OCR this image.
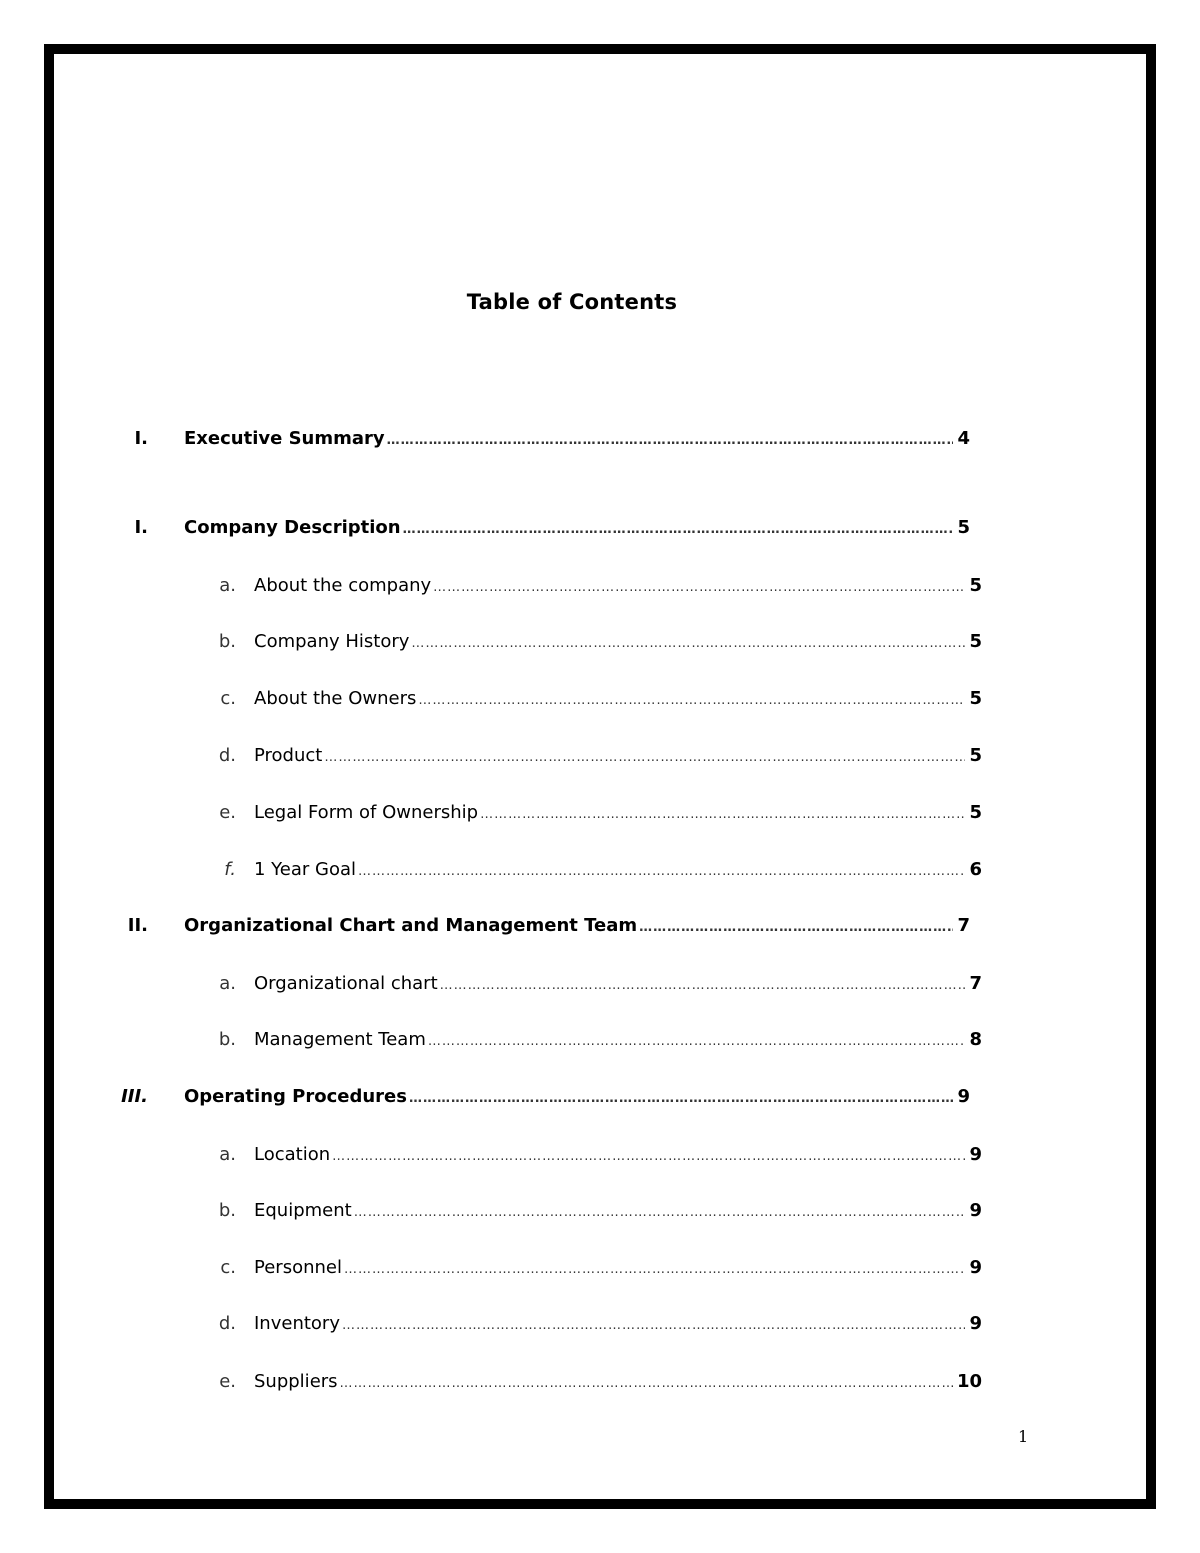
Table of Contents
I. Executive Summary ……………………………………………………………………………………………………………………………………………………………………………………………………………………………………	4
I. Company Description ……………………………………………………………………………………………………………………………………………………………………………………………………………………………………	5
a. About the company ……………………………………………………………………………………………………………………………………………………………………………………………………………………………………	5
b. Company History ……………………………………………………………………………………………………………………………………………………………………………………………………………………………………	5
c. About the Owners ……………………………………………………………………………………………………………………………………………………………………………………………………………………………………	5
d. Product ……………………………………………………………………………………………………………………………………………………………………………………………………………………………………	5
e. Legal Form of Ownership ……………………………………………………………………………………………………………………………………………………………………………………………………………………………………	5
f. 1 Year Goal ……………………………………………………………………………………………………………………………………………………………………………………………………………………………………	6
II. Organizational Chart and Management Team ……………………………………………………………………………………………………………………………………………………………………………………………………………………………………	7
a. Organizational chart ……………………………………………………………………………………………………………………………………………………………………………………………………………………………………	7
b. Management Team ……………………………………………………………………………………………………………………………………………………………………………………………………………………………………	8
III. Operating Procedures ……………………………………………………………………………………………………………………………………………………………………………………………………………………………………	9
a. Location ……………………………………………………………………………………………………………………………………………………………………………………………………………………………………	9
b. Equipment ……………………………………………………………………………………………………………………………………………………………………………………………………………………………………	9
c. Personnel ……………………………………………………………………………………………………………………………………………………………………………………………………………………………………	9
d. Inventory ……………………………………………………………………………………………………………………………………………………………………………………………………………………………………	9
e. Suppliers ……………………………………………………………………………………………………………………………………………………………………………………………………………………………………	10
1
